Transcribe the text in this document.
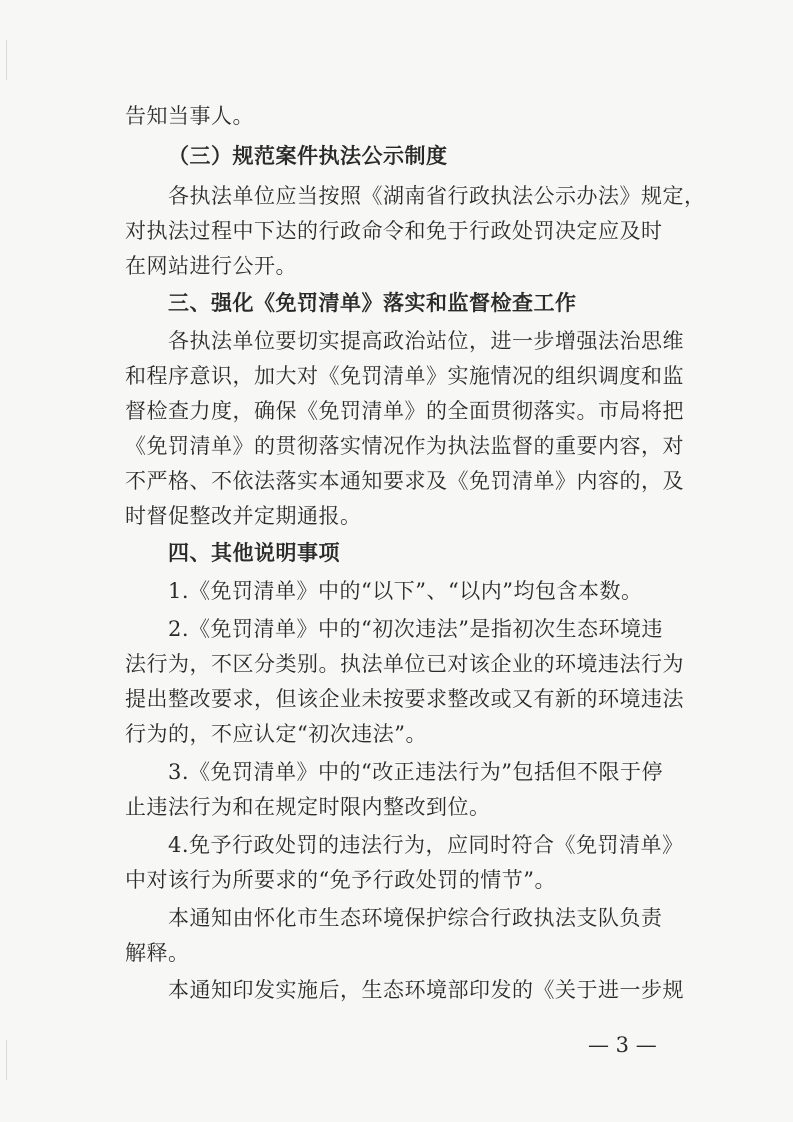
告知当事人。
（三）规范案件执法公示制度
各执法单位应当按照《湖南省行政执法公示办法》规定，
对执法过程中下达的行政命令和免于行政处罚决定应及时
在网站进行公开。
三、强化《免罚清单》落实和监督检查工作
各执法单位要切实提高政治站位，进一步增强法治思维
和程序意识，加大对《免罚清单》实施情况的组织调度和监
督检查力度，确保《免罚清单》的全面贯彻落实。市局将把
《免罚清单》的贯彻落实情况作为执法监督的重要内容，对
不严格、不依法落实本通知要求及《免罚清单》内容的，及
时督促整改并定期通报。
四、其他说明事项
1.《免罚清单》中的“以下”、“以内”均包含本数。
2.《免罚清单》中的“初次违法”是指初次生态环境违
法行为，不区分类别。执法单位已对该企业的环境违法行为
提出整改要求，但该企业未按要求整改或又有新的环境违法
行为的，不应认定“初次违法”。
3.《免罚清单》中的“改正违法行为”包括但不限于停
止违法行为和在规定时限内整改到位。
4.免予行政处罚的违法行为，应同时符合《免罚清单》
中对该行为所要求的“免予行政处罚的情节”。
本通知由怀化市生态环境保护综合行政执法支队负责
解释。
本通知印发实施后，生态环境部印发的《关于进一步规
— 3 —
